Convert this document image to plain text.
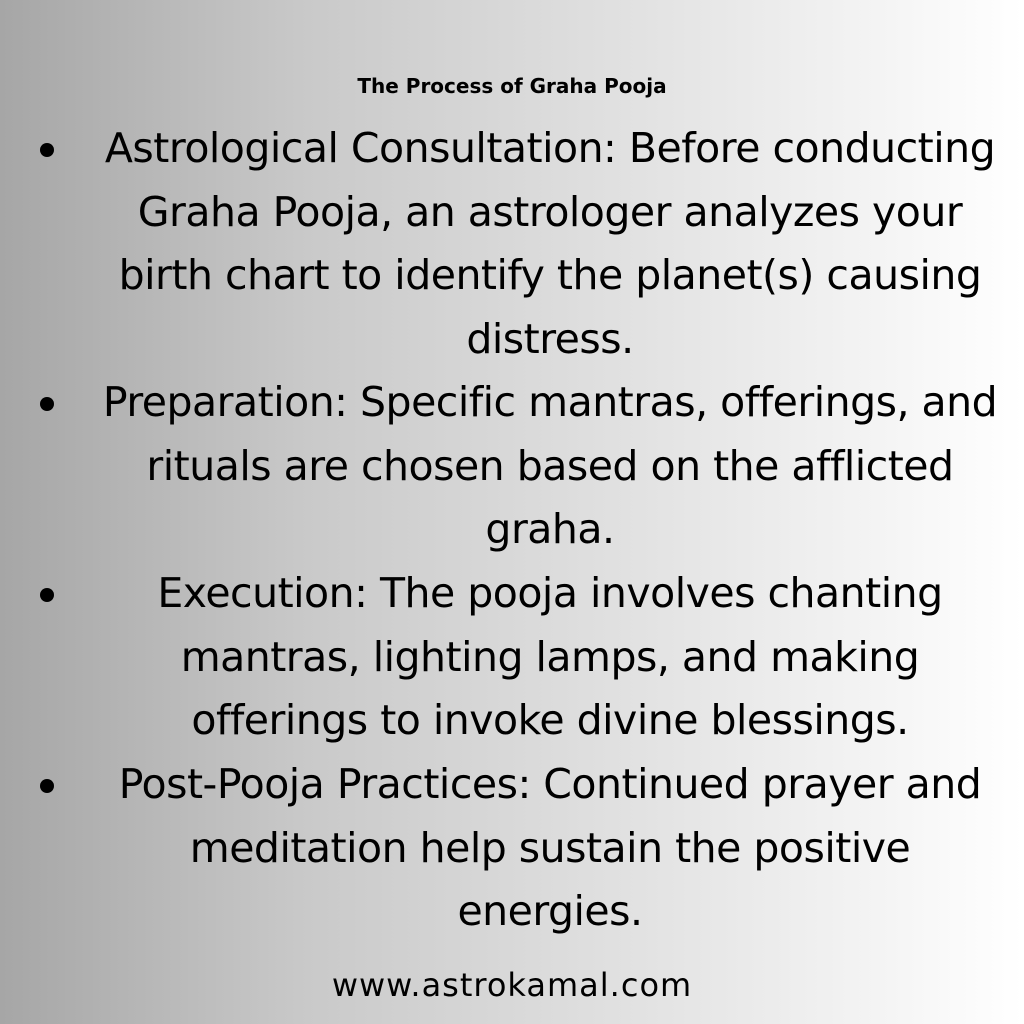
The Process of Graha Pooja
Astrological Consultation: Before conducting
Graha Pooja, an astrologer analyzes your
birth chart to identify the planet(s) causing
distress.
Preparation: Specific mantras, offerings, and
rituals are chosen based on the afflicted
graha.
Execution: The pooja involves chanting
mantras, lighting lamps, and making
offerings to invoke divine blessings.
Post-Pooja Practices: Continued prayer and
meditation help sustain the positive
energies.
www.astrokamal.com
